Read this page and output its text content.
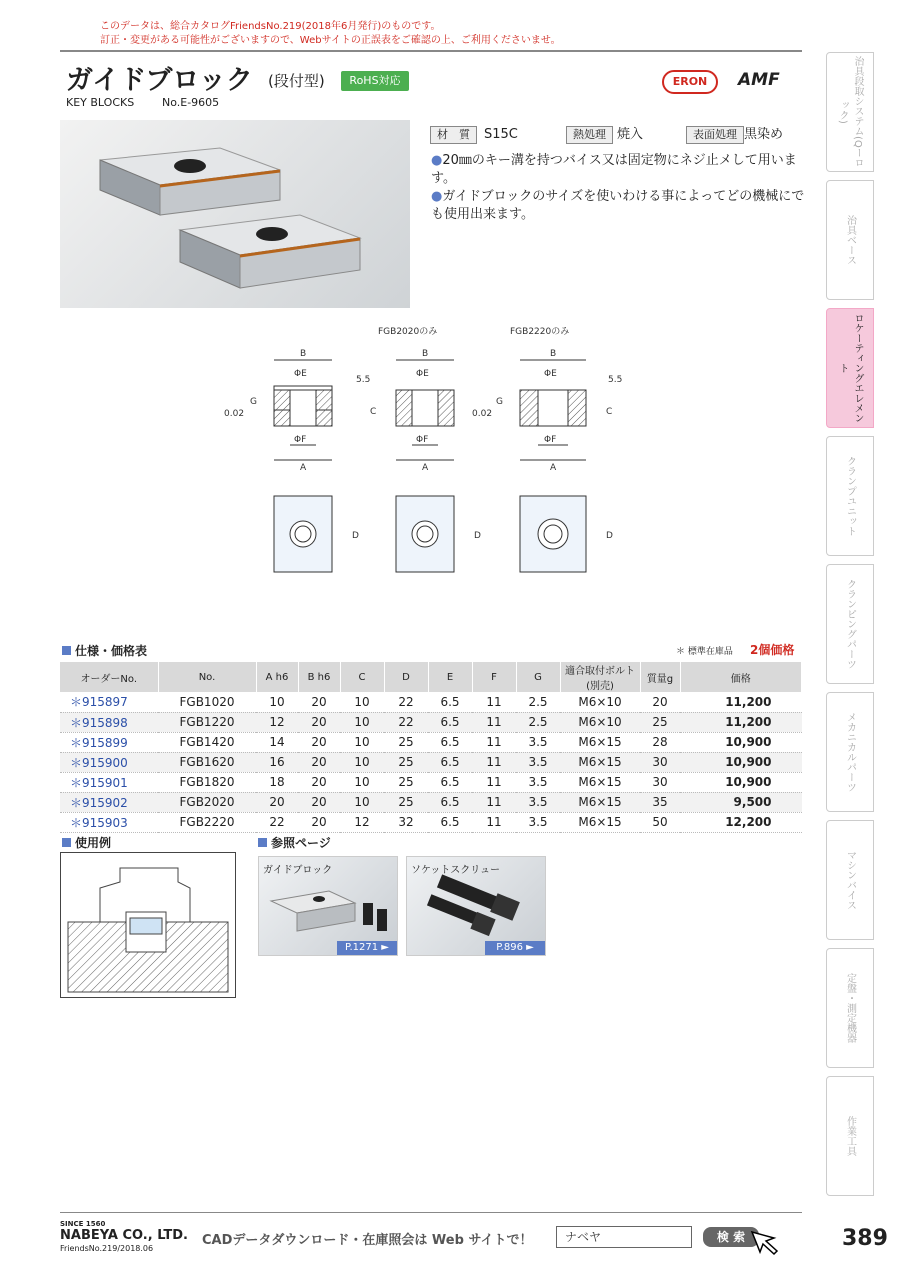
このデータは、総合カタログFriendsNo.219(2018年6月発行)のものです。
訂正・変更がある可能性がございますので、Webサイトの正誤表をご確認の上、ご利用くださいませ。
ガイドブロック (段付型)	RoHS対応
KEY BLOCKS	No.E-9605
ERON	AMF
材　質	S15C	熱処理 焼入	表面処理 黒染め
●20㎜のキー溝を持つバイス又は固定物にネジ止メして用います。
●ガイドブロックのサイズを使いわける事によってどの機械にでも使用出来ます。
FGB2020のみ	FGB2220のみ
B	B	B
ΦE	ΦE	ΦE
ΦF	ΦF	ΦF
A	A	A
C	C
G	G
5.5	5.5
0.02	0.02
D	D	D
仕様・価格表	＊ 標準在庫品 2個価格
オーダーNo.	No.	A h6	B h6	C	D	E	F	G	適合取付ボルト(別売)	質量g	価格
＊915897	FGB1020	10	20	10	22	6.5	11	2.5	M6×10	20	11,200
＊915898	FGB1220	12	20	10	22	6.5	11	2.5	M6×10	25	11,200
＊915899	FGB1420	14	20	10	25	6.5	11	3.5	M6×15	28	10,900
＊915900	FGB1620	16	20	10	25	6.5	11	3.5	M6×15	30	10,900
＊915901	FGB1820	18	20	10	25	6.5	11	3.5	M6×15	30	10,900
＊915902	FGB2020	20	20	10	25	6.5	11	3.5	M6×15	35	9,500
＊915903	FGB2220	22	20	12	32	6.5	11	3.5	M6×15	50	12,200
使用例	参照ページ
ガイドブロック
P.1271 ►
ソケットスクリュー
P.896 ►
治具段取システム(Qーロック)
治具ベース
ロケーティングエレメント
クランプユニット
クランピングパーツ
メカニカルパーツ
マシンバイス
定盤・測定機器
作業工具
SINCE 1560
NABEYA CO., LTD.
FriendsNo.219/2018.06
CADデータダウンロード・在庫照会は Web サイトで！	ナベヤ	検 索	389
